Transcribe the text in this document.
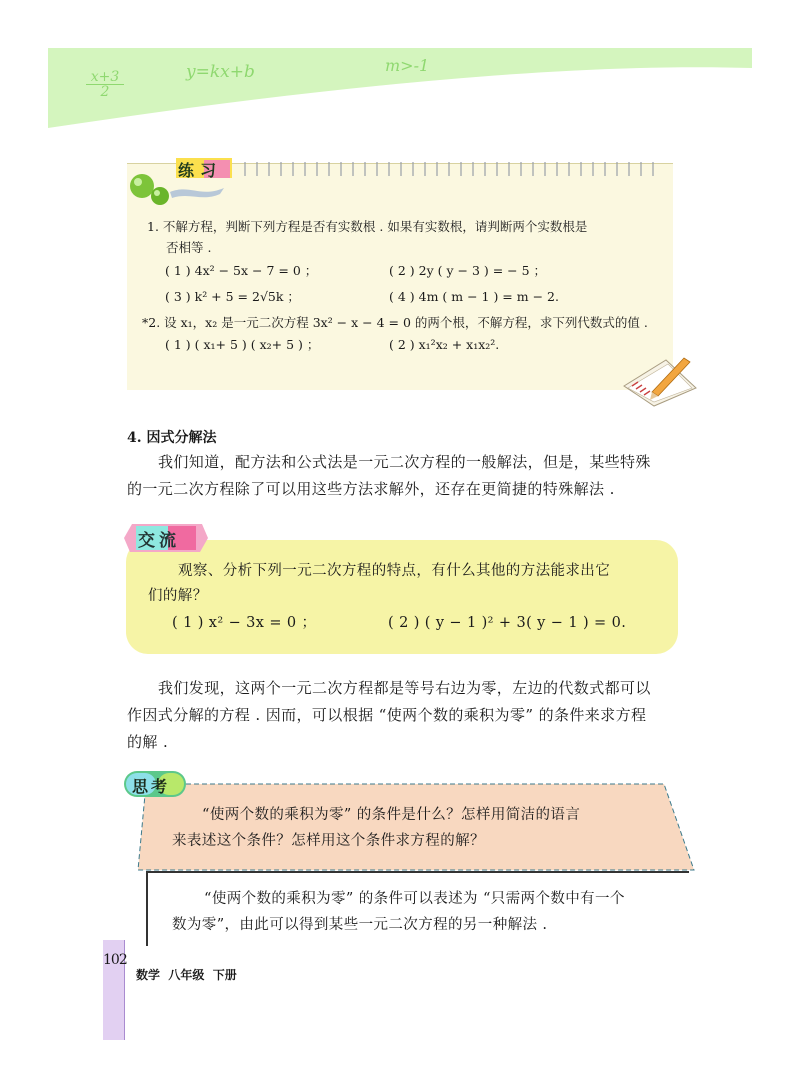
$\frac{x+3}{2}$	y=kx+b	m>-1
1. 不解方程，判断下列方程是否有实数根 . 如果有实数根，请判断两个实数根是
否相等 .
( 1 ) 4x² − 5x − 7 = 0 ；	( 2 ) 2y ( y − 3 ) = − 5 ；
( 3 ) k² + 5 = 2√5k ；	( 4 ) 4m ( m − 1 ) = m − 2.
*2. 设 x₁，x₂ 是一元二次方程 3x² − x − 4 = 0 的两个根，不解方程，求下列代数式的值 .
( 1 ) ( x₁+ 5 ) ( x₂+ 5 ) ；	( 2 ) x₁²x₂ + x₁x₂².
练习
4. 因式分解法
我们知道，配方法和公式法是一元二次方程的一般解法，但是，某些特殊
的一元二次方程除了可以用这些方法求解外，还存在更简捷的特殊解法 .
观察、分析下列一元二次方程的特点，有什么其他的方法能求出它
们的解？
( 1 ) x² − 3x = 0 ；	( 2 ) ( y − 1 )² + 3( y − 1 ) = 0.
交流
我们发现，这两个一元二次方程都是等号右边为零，左边的代数式都可以
作因式分解的方程 . 因而，可以根据 “使两个数的乘积为零” 的条件来求方程
的解 .
“使两个数的乘积为零” 的条件是什么？怎样用简洁的语言
来表述这个条件？怎样用这个条件求方程的解？
思考
“使两个数的乘积为零” 的条件可以表述为 “只需两个数中有一个
数为零”，由此可以得到某些一元二次方程的另一种解法 .
102
数学  八年级  下册
